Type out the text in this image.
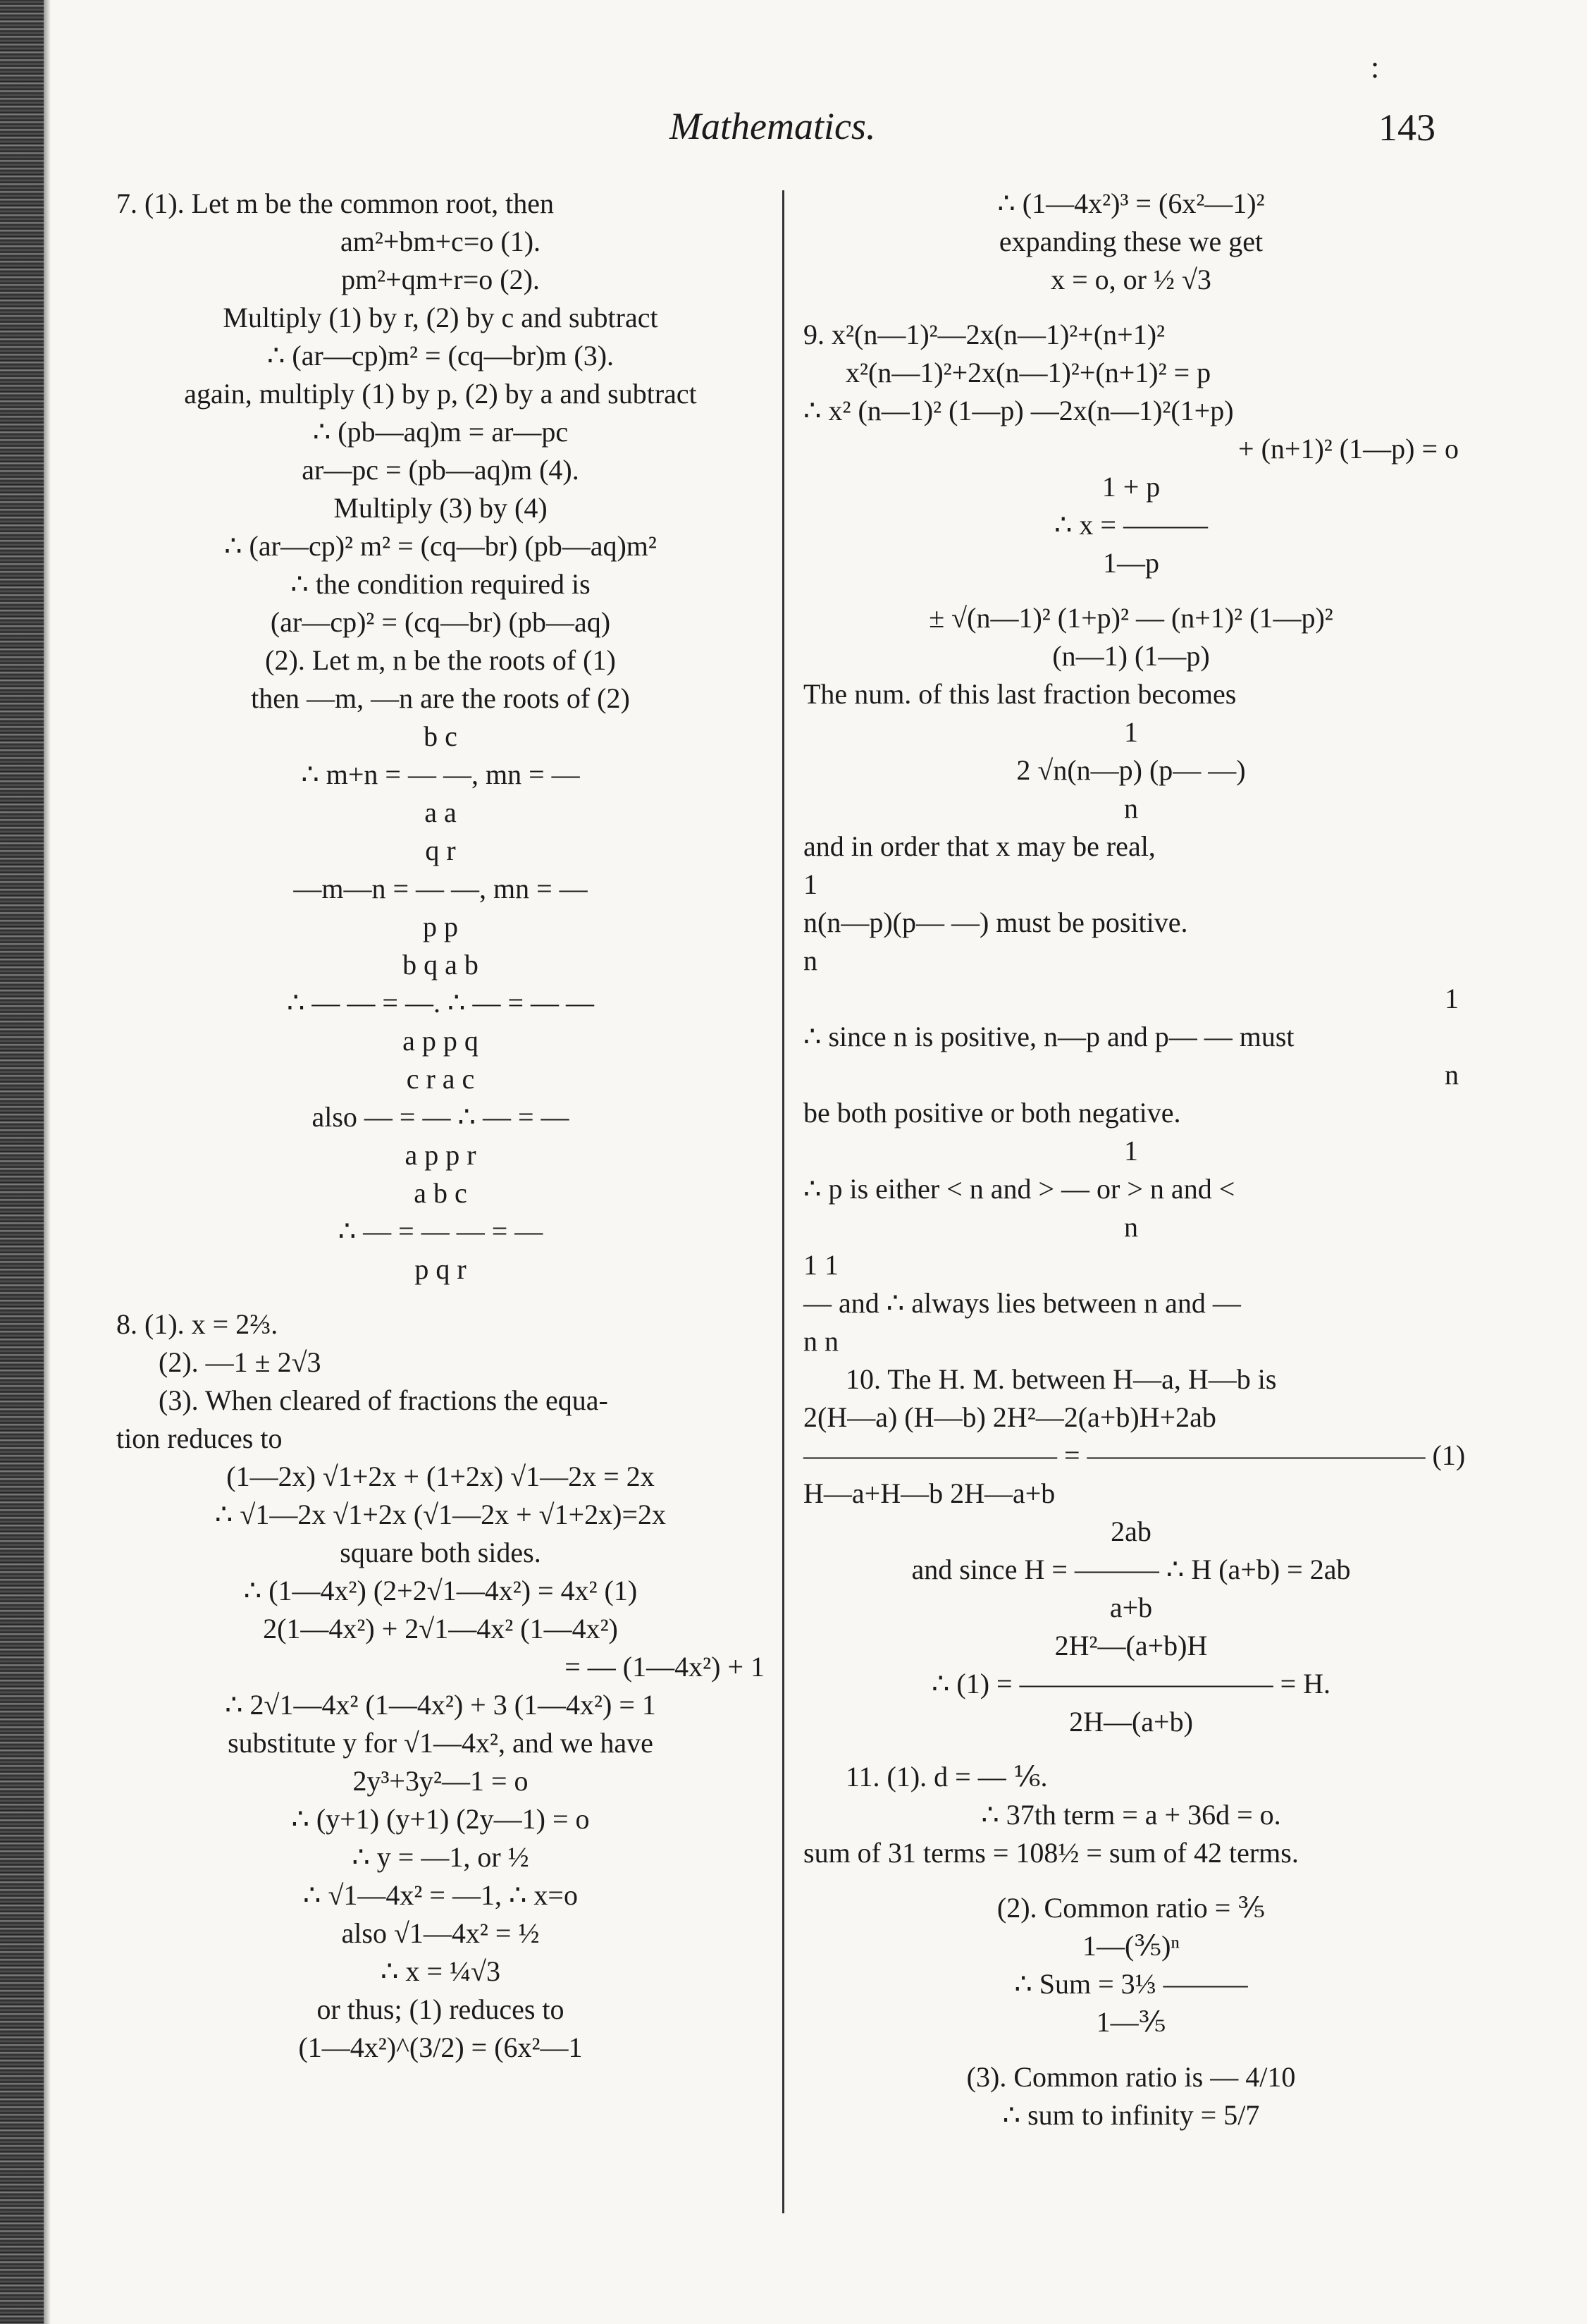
:
Mathematics.	143
7. (1). Let m be the common root, then
am²+bm+c=o (1).
pm²+qm+r=o (2).
Multiply (1) by r, (2) by c and subtract
∴ (ar—cp)m² = (cq—br)m (3).
again, multiply (1) by p, (2) by a and subtract
∴ (pb—aq)m = ar—pc
ar—pc = (pb—aq)m (4).
Multiply (3) by (4)
∴ (ar—cp)² m² = (cq—br) (pb—aq)m²
∴ the condition required is
(ar—cp)² = (cq—br) (pb—aq)
(2). Let m, n be the roots of (1)
then —m, —n are the roots of (2)
b c
∴ m+n = — —, mn = —
a a
q r
—m—n = — —, mn = —
p p
b q a b
∴ — — = —. ∴ — = — —
a p p q
c r a c
also — = — ∴ — = —
a p p r
a b c
∴ — = — — = —
p q r
8. (1). x = 2⅔.
(2). —1 ± 2√3
(3). When cleared of fractions the equa-
tion reduces to
(1—2x) √1+2x + (1+2x) √1—2x = 2x
∴ √1—2x √1+2x (√1—2x + √1+2x)=2x
square both sides.
∴ (1—4x²) (2+2√1—4x²) = 4x² (1)
2(1—4x²) + 2√1—4x² (1—4x²)
= — (1—4x²) + 1
∴ 2√1—4x² (1—4x²) + 3 (1—4x²) = 1
substitute y for √1—4x², and we have
2y³+3y²—1 = o
∴ (y+1) (y+1) (2y—1) = o
∴ y = —1, or ½
∴ √1—4x² = —1, ∴ x=o
also √1—4x² = ½
∴ x = ¼√3
or thus; (1) reduces to
(1—4x²)^(3/2) = (6x²—1
∴ (1—4x²)³ = (6x²—1)²
expanding these we get
x = o, or ½ √3
9. x²(n—1)²—2x(n—1)²+(n+1)²
x²(n—1)²+2x(n—1)²+(n+1)² = p
∴ x² (n—1)² (1—p) —2x(n—1)²(1+p)
+ (n+1)² (1—p) = o
1 + p
∴ x = ———
1—p
± √(n—1)² (1+p)² — (n+1)² (1—p)²
(n—1) (1—p)
The num. of this last fraction becomes
1
2 √n(n—p) (p— —)
n
and in order that x may be real,
1
n(n—p)(p— —) must be positive.
n
1
∴ since n is positive, n—p and p— — must
n
be both positive or both negative.
1
∴ p is either < n and > — or > n and <
n
1 1
— and ∴ always lies between n and —
n n
10. The H. M. between H—a, H—b is
2(H—a) (H—b) 2H²—2(a+b)H+2ab
————————— = ———————————— (1)
H—a+H—b 2H—a+b
2ab
and since H = ——— ∴ H (a+b) = 2ab
a+b
2H²—(a+b)H
∴ (1) = ————————— = H.
2H—(a+b)
11. (1). d = — ⅙.
∴ 37th term = a + 36d = o.
sum of 31 terms = 108½ = sum of 42 terms.
(2). Common ratio = ⅗
1—(⅗)ⁿ
∴ Sum = 3⅓ ———
1—⅗
(3). Common ratio is — 4/10
∴ sum to infinity = 5/7
